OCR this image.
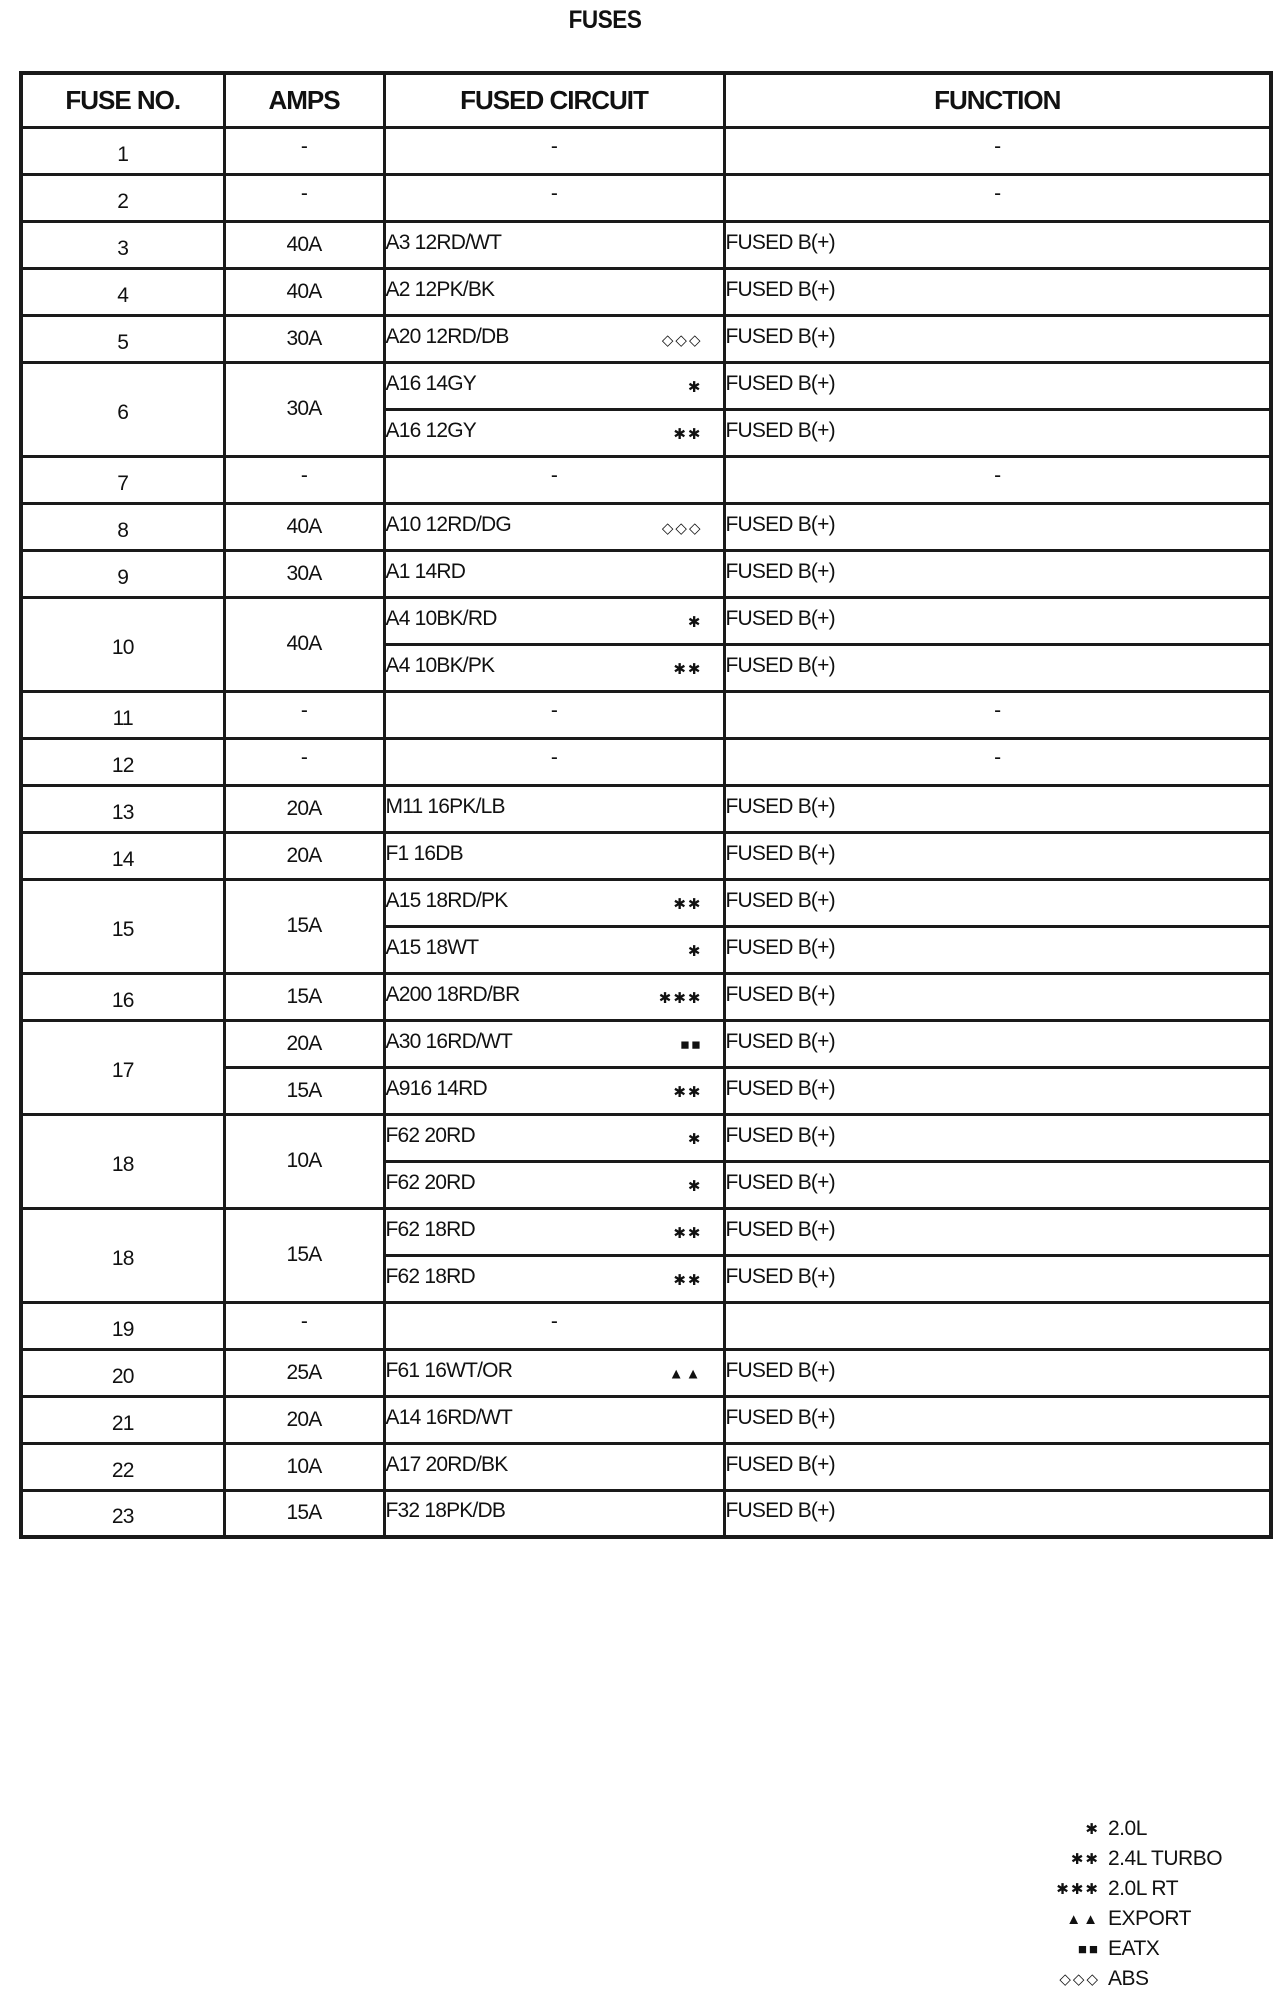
FUSES
FUSE NO.	AMPS	FUSED CIRCUIT	FUNCTION
1	-	-	-
2	-	-	-
3	40A	A3 12RD/WT	FUSED B(+)
4	40A	A2 12PK/BK	FUSED B(+)
5	30A	A20 12RD/DB ◇◇◇	FUSED B(+)
6	30A	A16 14GY ✱	FUSED B(+)
		A16 12GY ✱✱	FUSED B(+)
7	-	-	-
8	40A	A10 12RD/DG ◇◇◇	FUSED B(+)
9	30A	A1 14RD	FUSED B(+)
10	40A	A4 10BK/RD ✱	FUSED B(+)
		A4 10BK/PK ✱✱	FUSED B(+)
11	-	-	-
12	-	-	-
13	20A	M11 16PK/LB	FUSED B(+)
14	20A	F1 16DB	FUSED B(+)
15	15A	A15 18RD/PK ✱✱	FUSED B(+)
		A15 18WT ✱	FUSED B(+)
16	15A	A200 18RD/BR ✱✱✱	FUSED B(+)
17	20A	A30 16RD/WT ■■	FUSED B(+)
	15A	A916 14RD ✱✱	FUSED B(+)
18	10A	F62 20RD ✱	FUSED B(+)
		F62 20RD ✱	FUSED B(+)
18	15A	F62 18RD ✱✱	FUSED B(+)
		F62 18RD ✱✱	FUSED B(+)
19	-	-	
20	25A	F61 16WT/OR ▲▲	FUSED B(+)
21	20A	A14 16RD/WT	FUSED B(+)
22	10A	A17 20RD/BK	FUSED B(+)
23	15A	F32 18PK/DB	FUSED B(+)
✱ 2.0L
✱✱ 2.4L TURBO
✱✱✱ 2.0L RT
▲▲ EXPORT
■■ EATX
◇◇◇ ABS
